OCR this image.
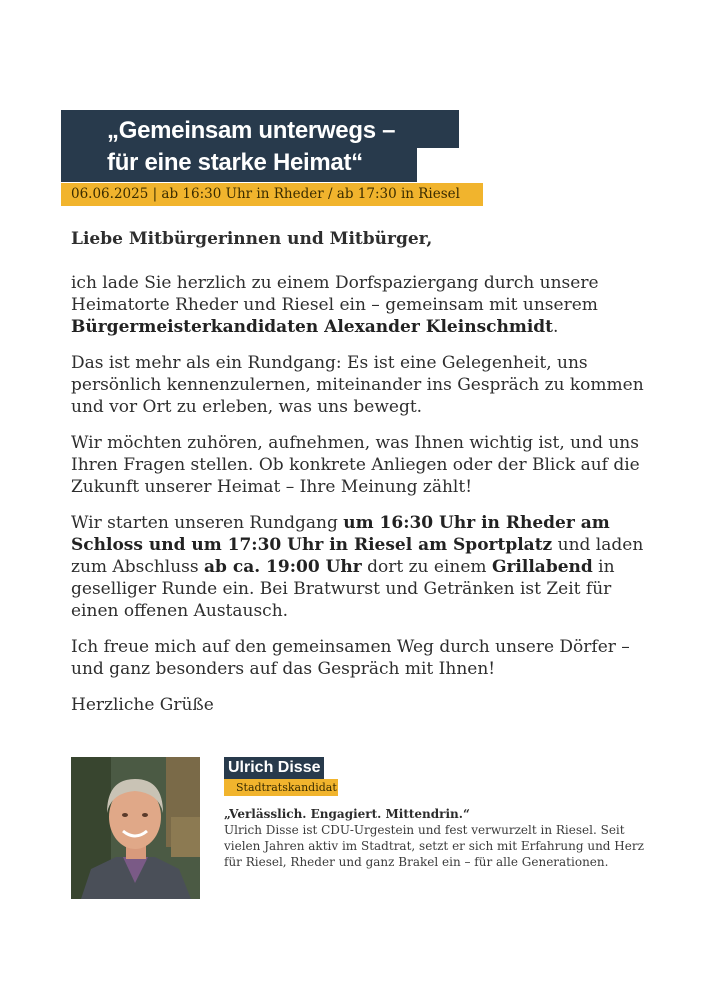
„Gemeinsam unterwegs –
für eine starke Heimat“
06.06.2025 | ab 16:30 Uhr in Rheder / ab 17:30 in Riesel

Liebe Mitbürgerinnen und Mitbürger,

ich lade Sie herzlich zu einem Dorfspaziergang durch unsere Heimatorte Rheder und Riesel ein – gemeinsam mit unserem Bürgermeisterkandidaten Alexander Kleinschmidt.

Das ist mehr als ein Rundgang: Es ist eine Gelegenheit, uns persönlich kennenzulernen, miteinander ins Gespräch zu kommen und vor Ort zu erleben, was uns bewegt.

Wir möchten zuhören, aufnehmen, was Ihnen wichtig ist, und uns Ihren Fragen stellen. Ob konkrete Anliegen oder der Blick auf die Zukunft unserer Heimat – Ihre Meinung zählt!

Wir starten unseren Rundgang um 16:30 Uhr in Rheder am Schloss und um 17:30 Uhr in Riesel am Sportplatz und laden zum Abschluss ab ca. 19:00 Uhr dort zu einem Grillabend in geselliger Runde ein. Bei Bratwurst und Getränken ist Zeit für einen offenen Austausch.

Ich freue mich auf den gemeinsamen Weg durch unsere Dörfer – und ganz besonders auf das Gespräch mit Ihnen!

Herzliche Grüße

Ulrich Disse
Stadtratskandidat
„Verlässlich. Engagiert. Mittendrin.“
Ulrich Disse ist CDU-Urgestein und fest verwurzelt in Riesel. Seit vielen Jahren aktiv im Stadtrat, setzt er sich mit Erfahrung und Herz für Riesel, Rheder und ganz Brakel ein – für alle Generationen.
